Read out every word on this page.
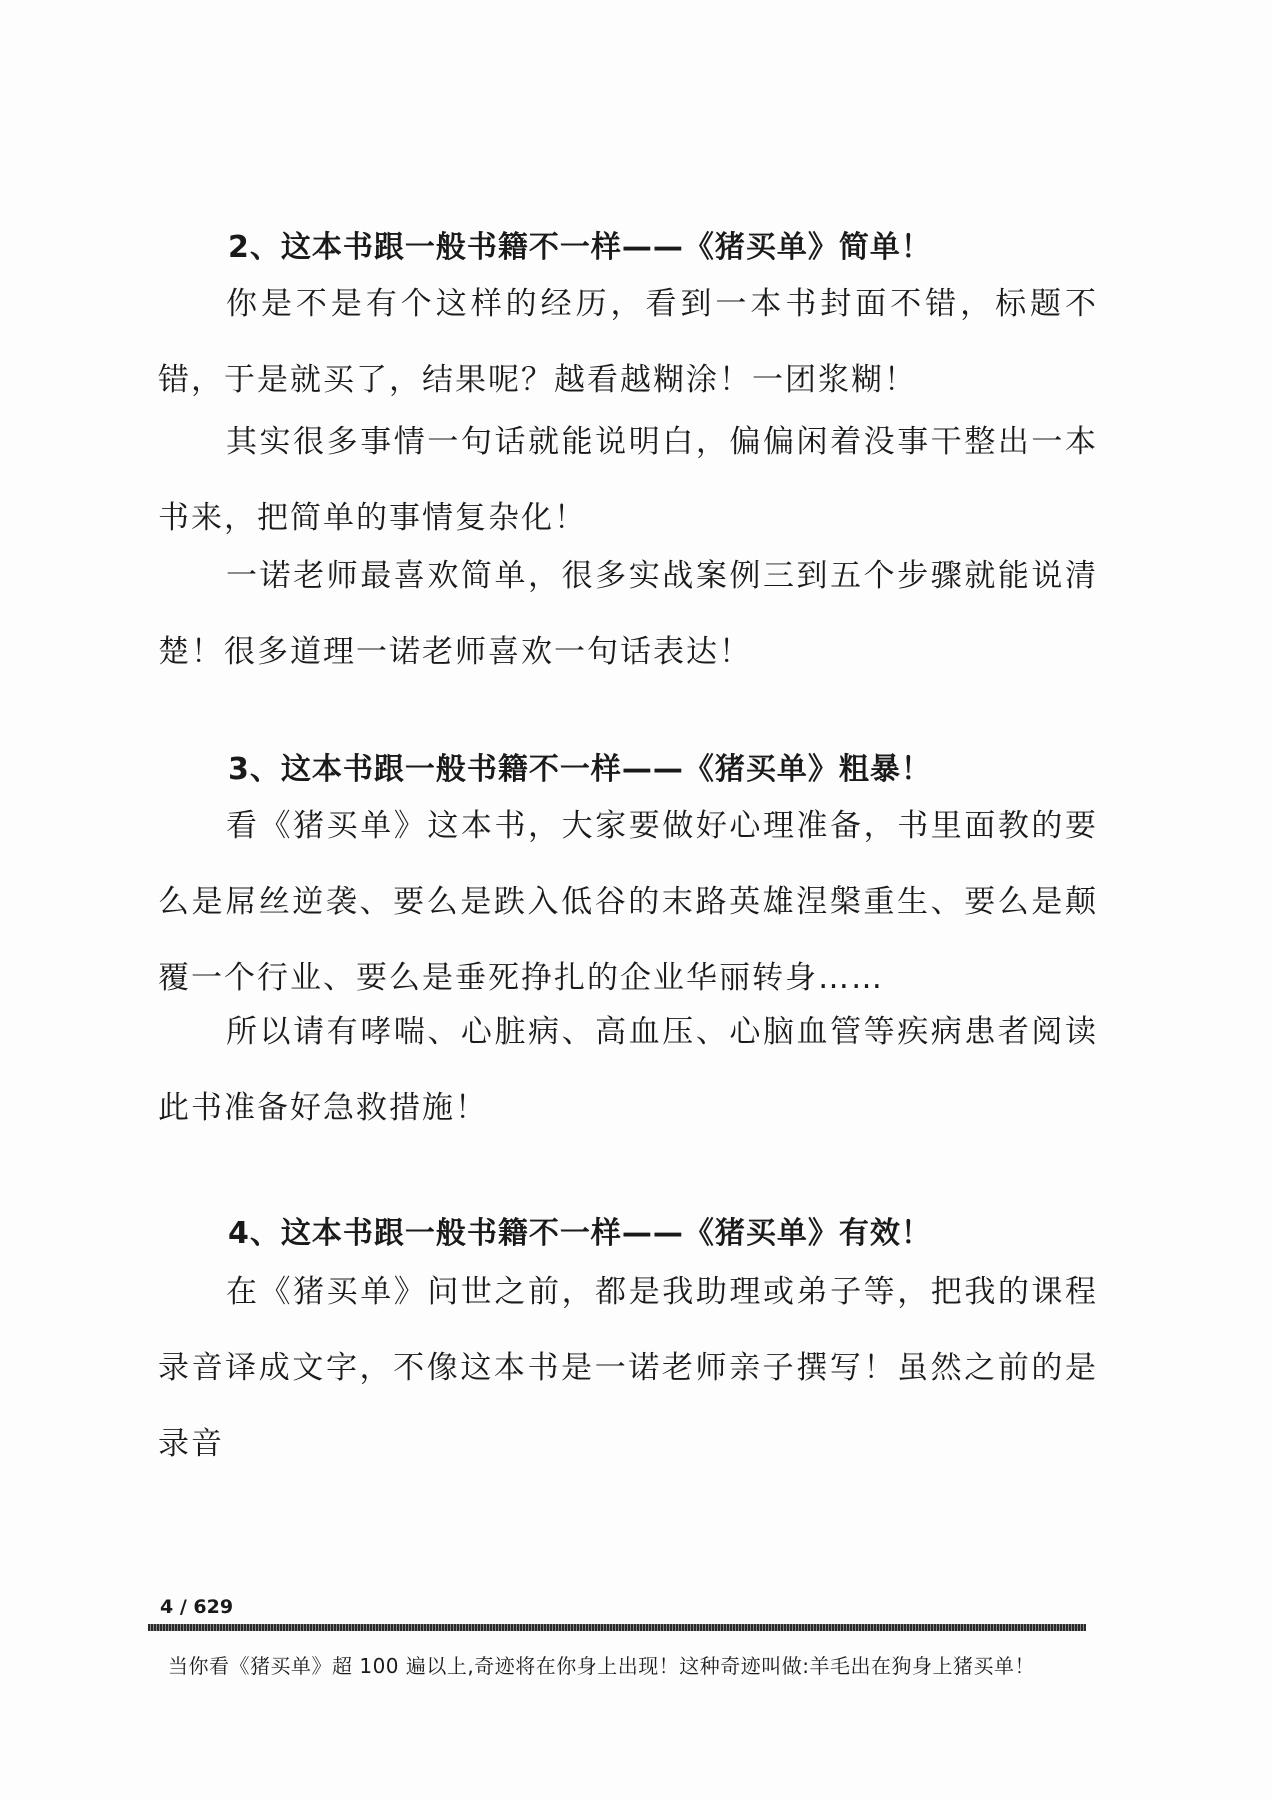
2、这本书跟一般书籍不一样——《猪买单》简单！

你是不是有个这样的经历，看到一本书封面不错，标题不错，于是就买了，结果呢？越看越糊涂！一团浆糊！

其实很多事情一句话就能说明白，偏偏闲着没事干整出一本书来，把简单的事情复杂化！

一诺老师最喜欢简单，很多实战案例三到五个步骤就能说清楚！很多道理一诺老师喜欢一句话表达！

3、这本书跟一般书籍不一样——《猪买单》粗暴！

看《猪买单》这本书，大家要做好心理准备，书里面教的要么是屌丝逆袭、要么是跌入低谷的末路英雄涅槃重生、要么是颠覆一个行业、要么是垂死挣扎的企业华丽转身……

所以请有哮喘、心脏病、高血压、心脑血管等疾病患者阅读此书准备好急救措施！

4、这本书跟一般书籍不一样——《猪买单》有效！

在《猪买单》问世之前，都是我助理或弟子等，把我的课程录音译成文字，不像这本书是一诺老师亲子撰写！虽然之前的是录音

4 / 629

当你看《猪买单》超 100 遍以上,奇迹将在你身上出现！这种奇迹叫做:羊毛出在狗身上猪买单！
